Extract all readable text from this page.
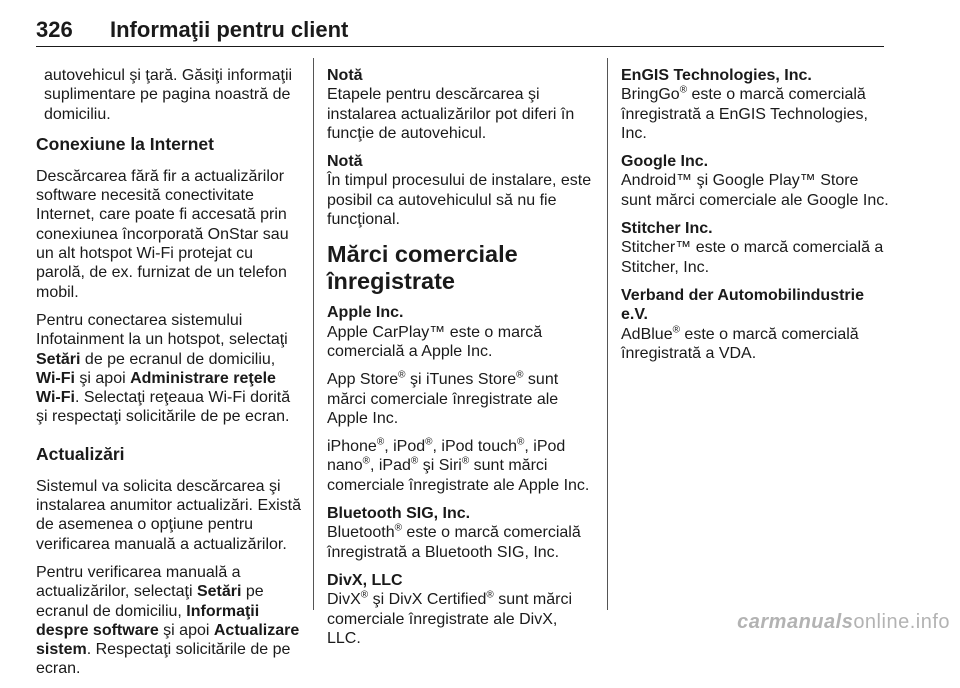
326	Informaţii pentru client

autovehicul şi ţară. Găsiţi informaţii suplimentare pe pagina noastră de domiciliu.

Conexiune la Internet

Descărcarea fără fir a actualizărilor software necesită conectivitate Internet, care poate fi accesată prin conexiunea încorporată OnStar sau un alt hotspot Wi-Fi protejat cu parolă, de ex. furnizat de un telefon mobil.

Pentru conectarea sistemului Infotainment la un hotspot, selectaţi Setări de pe ecranul de domiciliu, Wi-Fi şi apoi Administrare reţele Wi-Fi. Selectaţi reţeaua Wi-Fi dorită şi respectaţi solicitările de pe ecran.

Actualizări

Sistemul va solicita descărcarea şi instalarea anumitor actualizări. Există de asemenea o opţiune pentru verificarea manuală a actualizărilor.

Pentru verificarea manuală a actualizărilor, selectaţi Setări pe ecranul de domiciliu, Informaţii despre software şi apoi Actualizare sistem. Respectaţi solicitările de pe ecran.

Notă
Etapele pentru descărcarea şi instalarea actualizărilor pot diferi în funcţie de autovehicul.

Notă
În timpul procesului de instalare, este posibil ca autovehiculul să nu fie funcţional.

Mărci comerciale înregistrate

Apple Inc.
Apple CarPlay™ este o marcă comercială a Apple Inc.

App Store® şi iTunes Store® sunt mărci comerciale înregistrate ale Apple Inc.

iPhone®, iPod®, iPod touch®, iPod nano®, iPad® şi Siri® sunt mărci comerciale înregistrate ale Apple Inc.

Bluetooth SIG, Inc.
Bluetooth® este o marcă comercială înregistrată a Bluetooth SIG, Inc.

DivX, LLC
DivX® şi DivX Certified® sunt mărci comerciale înregistrate ale DivX, LLC.

EnGIS Technologies, Inc.
BringGo® este o marcă comercială înregistrată a EnGIS Technologies, Inc.

Google Inc.
Android™ şi Google Play™ Store sunt mărci comerciale ale Google Inc.

Stitcher Inc.
Stitcher™ este o marcă comercială a Stitcher, Inc.

Verband der Automobilindustrie e.V.
AdBlue® este o marcă comercială înregistrată a VDA.

carmanualsonline.info
